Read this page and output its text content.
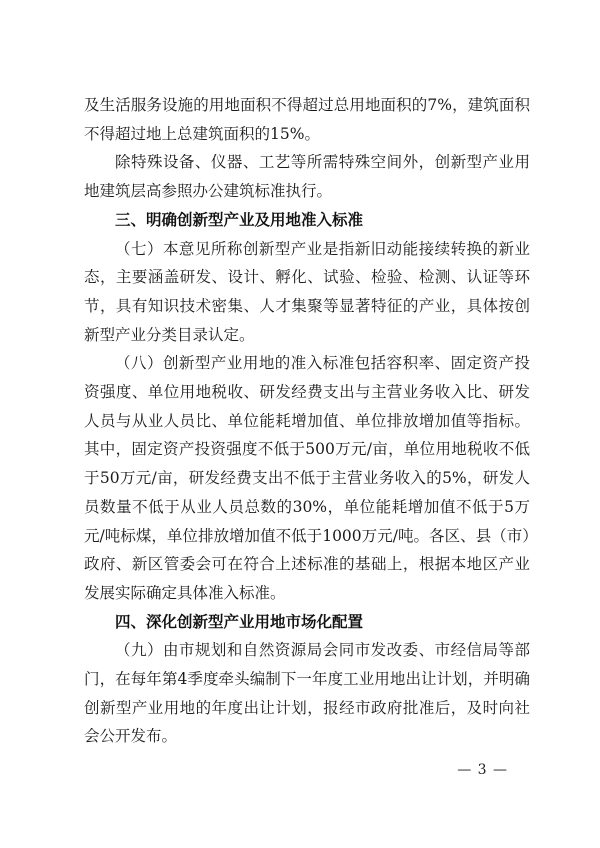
及生活服务设施的用地面积不得超过总用地面积的7%，建筑面积不得超过地上总建筑面积的15%。

除特殊设备、仪器、工艺等所需特殊空间外，创新型产业用地建筑层高参照办公建筑标准执行。

三、明确创新型产业及用地准入标准

（七）本意见所称创新型产业是指新旧动能接续转换的新业态，主要涵盖研发、设计、孵化、试验、检验、检测、认证等环节，具有知识技术密集、人才集聚等显著特征的产业，具体按创新型产业分类目录认定。

（八）创新型产业用地的准入标准包括容积率、固定资产投资强度、单位用地税收、研发经费支出与主营业务收入比、研发人员与从业人员比、单位能耗增加值、单位排放增加值等指标。其中，固定资产投资强度不低于500万元/亩，单位用地税收不低于50万元/亩，研发经费支出不低于主营业务收入的5%，研发人员数量不低于从业人员总数的30%，单位能耗增加值不低于5万元/吨标煤，单位排放增加值不低于1000万元/吨。各区、县（市）政府、新区管委会可在符合上述标准的基础上，根据本地区产业发展实际确定具体准入标准。

四、深化创新型产业用地市场化配置

（九）由市规划和自然资源局会同市发改委、市经信局等部门，在每年第4季度牵头编制下一年度工业用地出让计划，并明确创新型产业用地的年度出让计划，报经市政府批准后，及时向社会公开发布。

— 3 —
